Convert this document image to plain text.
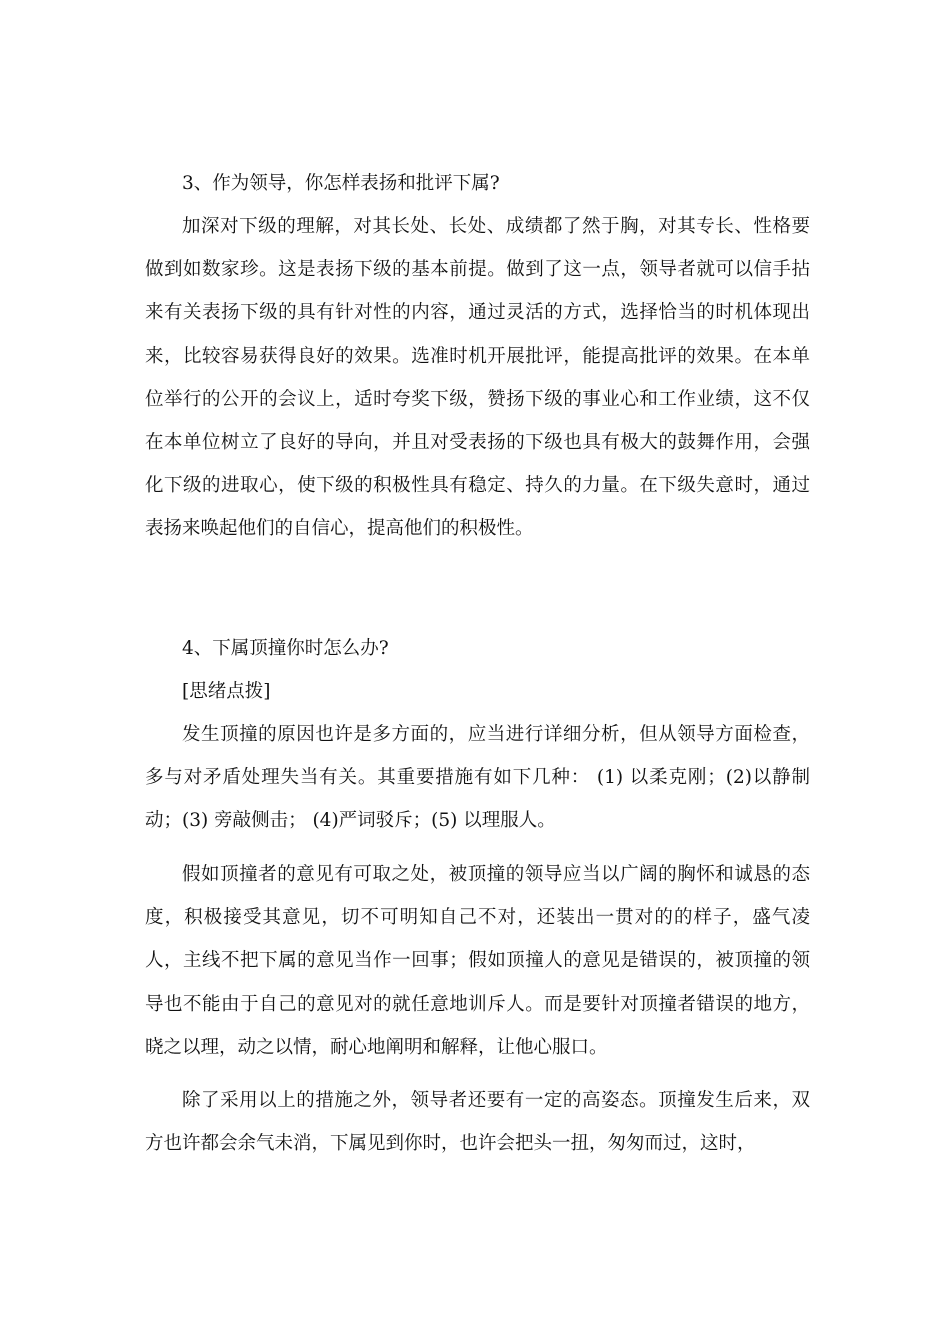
3、作为领导，你怎样表扬和批评下属?

加深对下级的理解，对其长处、长处、成绩都了然于胸，对其专长、性格要做到如数家珍。这是表扬下级的基本前提。做到了这一点，领导者就可以信手拈来有关表扬下级的具有针对性的内容，通过灵活的方式，选择恰当的时机体现出来，比较容易获得良好的效果。选准时机开展批评，能提高批评的效果。在本单位举行的公开的会议上，适时夸奖下级，赞扬下级的事业心和工作业绩，这不仅在本单位树立了良好的导向，并且对受表扬的下级也具有极大的鼓舞作用，会强化下级的进取心，使下级的积极性具有稳定、持久的力量。在下级失意时，通过表扬来唤起他们的自信心，提高他们的积极性。

4、下属顶撞你时怎么办?

[思绪点拨]

发生顶撞的原因也许是多方面的，应当进行详细分析，但从领导方面检查，多与对矛盾处理失当有关。其重要措施有如下几种： (1) 以柔克刚；(2)以静制动；(3) 旁敲侧击； (4)严词驳斥；(5) 以理服人。

假如顶撞者的意见有可取之处，被顶撞的领导应当以广阔的胸怀和诚恳的态度，积极接受其意见，切不可明知自己不对，还装出一贯对的的样子，盛气凌人，主线不把下属的意见当作一回事；假如顶撞人的意见是错误的，被顶撞的领导也不能由于自己的意见对的就任意地训斥人。而是要针对顶撞者错误的地方，晓之以理，动之以情，耐心地阐明和解释，让他心服口。

除了采用以上的措施之外，领导者还要有一定的高姿态。顶撞发生后来，双方也许都会余气未消，下属见到你时，也许会把头一扭，匆匆而过，这时，
